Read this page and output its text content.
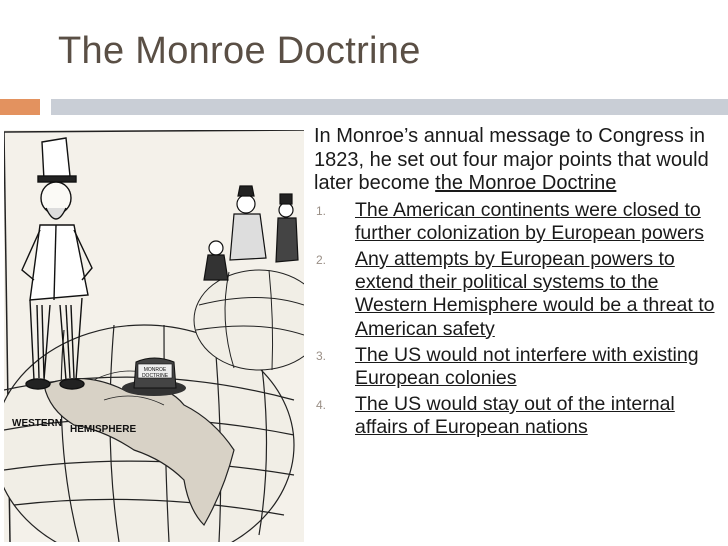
The Monroe Doctrine
MONROE
DOCTRINE
WESTERN
HEMISPHERE

In Monroe’s annual message to Congress in 1823, he set out four major points that would later become the Monroe Doctrine

1. The American continents were closed to further colonization by European powers
2. Any attempts by European powers to extend their political systems to the Western Hemisphere would be a threat to American safety
3. The US would not interfere with existing European colonies
4. The US would stay out of the internal affairs of European nations
